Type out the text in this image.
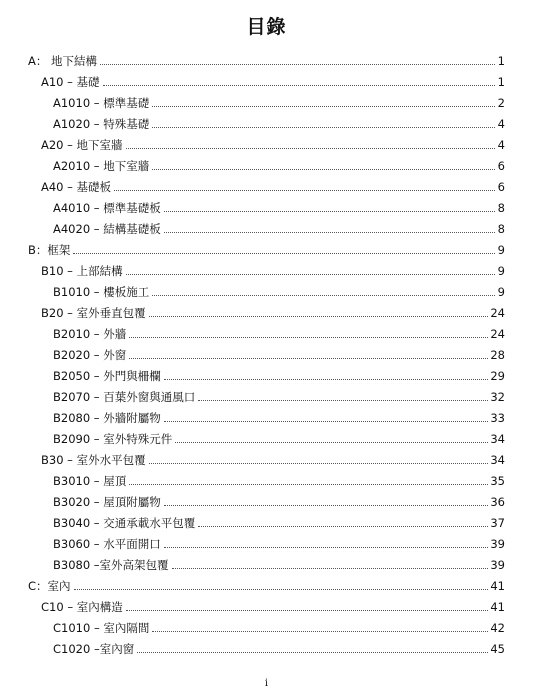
目錄
A： 地下結構	1
A10 – 基礎	1
A1010 – 標準基礎	2
A1020 – 特殊基礎	4
A20 – 地下室牆	4
A2010 – 地下室牆	6
A40 – 基礎板	6
A4010 – 標準基礎板	8
A4020 – 結構基礎板	8
B：框架	9
B10 – 上部結構	9
B1010 – 樓板施工	9
B20 – 室外垂直包覆	24
B2010 – 外牆	24
B2020 – 外窗	28
B2050 – 外門與柵欄	29
B2070 – 百葉外窗與通風口	32
B2080 – 外牆附屬物	33
B2090 – 室外特殊元件	34
B30 – 室外水平包覆	34
B3010 – 屋頂	35
B3020 – 屋頂附屬物	36
B3040 – 交通承載水平包覆	37
B3060 – 水平面開口	39
B3080 –室外高架包覆	39
C：室內	41
C10 – 室內構造	41
C1010 – 室內隔間	42
C1020 –室內窗	45
i
